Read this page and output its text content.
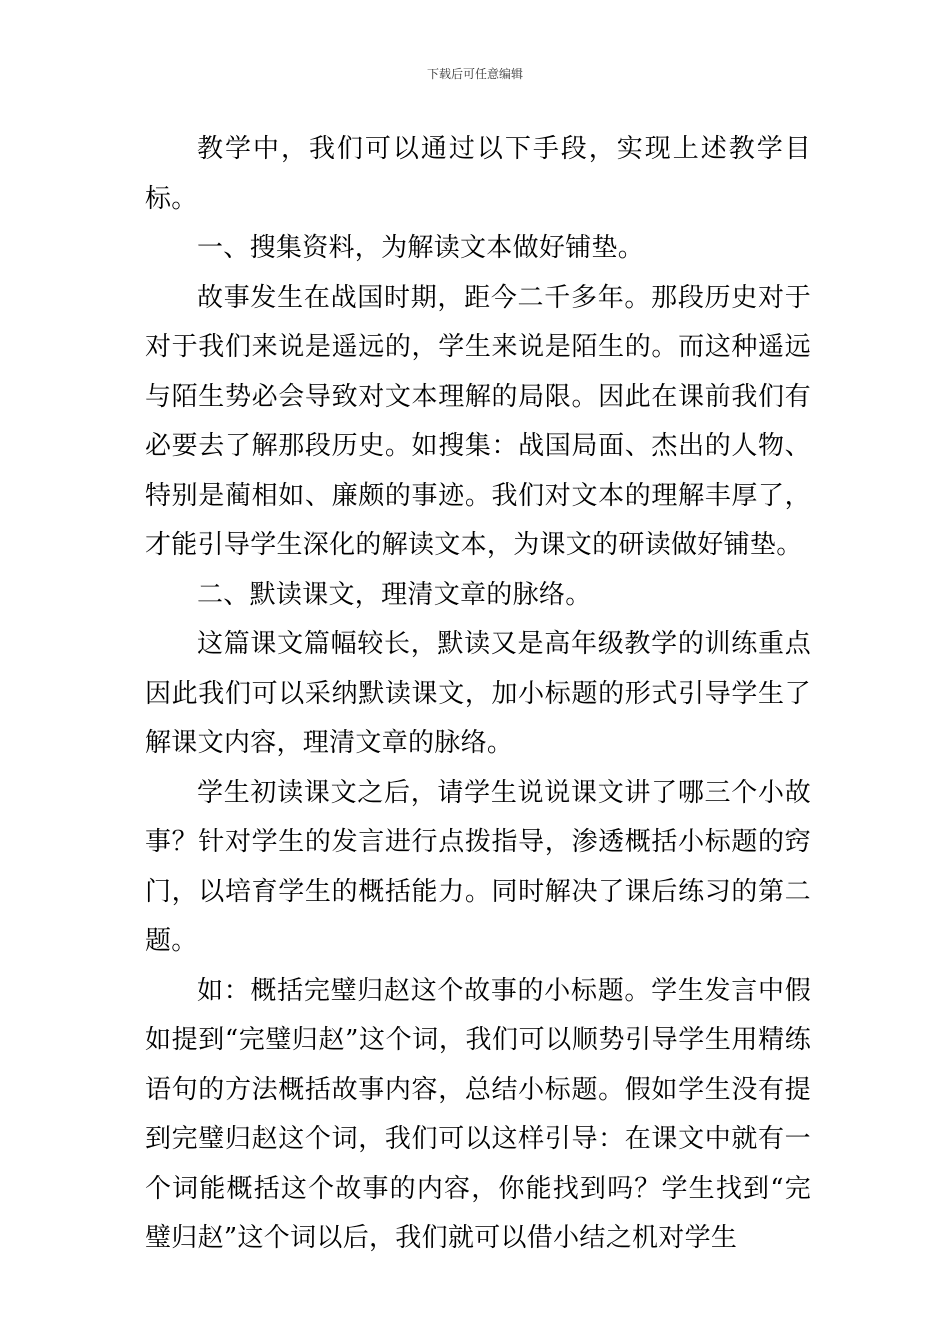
下载后可任意编辑

教学中，我们可以通过以下手段，实现上述教学目标。

一、搜集资料，为解读文本做好铺垫。

故事发生在战国时期，距今二千多年。那段历史对于对于我们来说是遥远的，学生来说是陌生的。而这种遥远与陌生势必会导致对文本理解的局限。因此在课前我们有必要去了解那段历史。如搜集：战国局面、杰出的人物、特别是蔺相如、廉颇的事迹。我们对文本的理解丰厚了，才能引导学生深化的解读文本，为课文的研读做好铺垫。

二、默读课文，理清文章的脉络。

这篇课文篇幅较长，默读又是高年级教学的训练重点因此我们可以采纳默读课文，加小标题的形式引导学生了解课文内容，理清文章的脉络。

学生初读课文之后，请学生说说课文讲了哪三个小故事？针对学生的发言进行点拨指导，渗透概括小标题的窍门，以培育学生的概括能力。同时解决了课后练习的第二题。

如：概括完璧归赵这个故事的小标题。学生发言中假如提到“完璧归赵”这个词，我们可以顺势引导学生用精练语句的方法概括故事内容，总结小标题。假如学生没有提到完璧归赵这个词，我们可以这样引导：在课文中就有一个词能概括这个故事的内容，你能找到吗？学生找到“完璧归赵”这个词以后，我们就可以借小结之机对学生
